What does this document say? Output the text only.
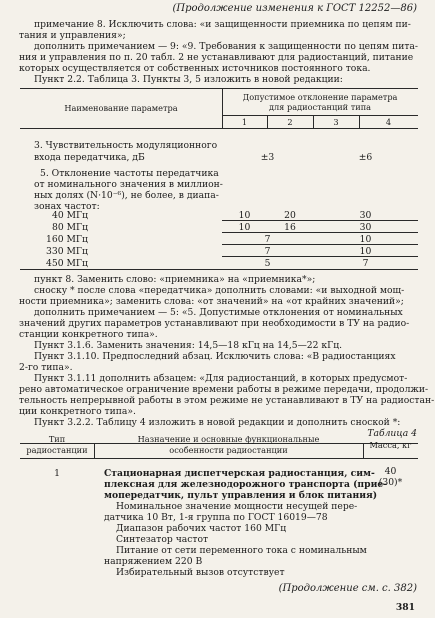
(Продолжение изменения к ГОСТ 12252—86)
примечание 8. Исключить слова: «и защищенности приемника по цепям пи-
тания и управления»;
дополнить примечанием — 9: «9. Требования к защищенности по цепям пита-
ния и управления по п. 20 табл. 2 не устанавливают для радиостанций, питание
которых осуществляется от собственных источников постоянного тока.
Пункт 2.2. Таблица 3. Пункты 3, 5 изложить в новой редакции:
Наименование параметра
Допустимое отклонение параметра
для радиостанций типа
1	2	3	4
3. Чувствительность модуляционного
входа передатчика, дБ	±3	±6
5. Отклонение частоты передатчика
от номинального значения в миллион-
ных долях (N·10⁻⁶), не более, в диапа-
зонах частот:
40 МГц	10	20	30
80 МГц	10	16	30
160 МГц	7	10
330 МГц	7	10
450 МГц	5	7
пункт 8. Заменить слово: «приемника» на «приемника*»;
сноску * после слова «передатчика» дополнить словами: «и выходной мощ-
ности приемника»; заменить слова: «от значений» на «от крайних значений»;
дополнить примечанием — 5: «5. Допустимые отклонения от номинальных
значений других параметров устанавливают при необходимости в ТУ на радио-
станции конкретного типа».
Пункт 3.1.6. Заменить значения: 14,5—18 кГц на 14,5—22 кГц.
Пункт 3.1.10. Предпоследний абзац. Исключить слова: «В радиостанциях
2-го типа».
Пункт 3.1.11 дополнить абзацем: «Для радиостанций, в которых предусмот-
рено автоматическое ограничение времени работы в режиме передачи, продолжи-
тельность непрерывной работы в этом режиме не устанавливают в ТУ на радиостан-
ции конкретного типа».
Пункт 3.2.2. Таблицу 4 изложить в новой редакции и дополнить сноской *:
Таблица 4
Тип
радиостанции
Назначение и основные функциональные
особенности радиостанции	Масса, кг
1	Стационарная диспетчерская радиостанция, сим-
плексная для железнодорожного транспорта (прие-
мопередатчик, пульт управления и блок питания)
Номинальное значение мощности несущей пере-
датчика 10 Вт, 1-я группа по ГОСТ 16019—78
Диапазон рабочих частот 160 МГц
Синтезатор частот
Питание от сети переменного тока с номинальным
напряжением 220 В
Избирательный вызов отсутствует
40
(30)*
(Продолжение см. с. 382)
381
